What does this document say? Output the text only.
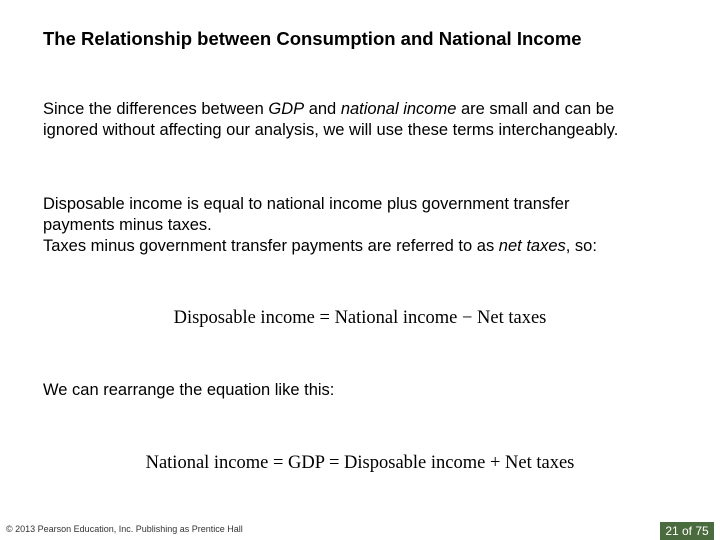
The Relationship between Consumption and National Income
Since the differences between GDP and national income are small and can be
ignored without affecting our analysis, we will use these terms interchangeably.
Disposable income is equal to national income plus government transfer
payments minus taxes.
Taxes minus government transfer payments are referred to as net taxes, so:
Disposable income = National income − Net taxes
We can rearrange the equation like this:
National income = GDP = Disposable income + Net taxes
© 2013 Pearson Education, Inc. Publishing as Prentice Hall	21 of 75
